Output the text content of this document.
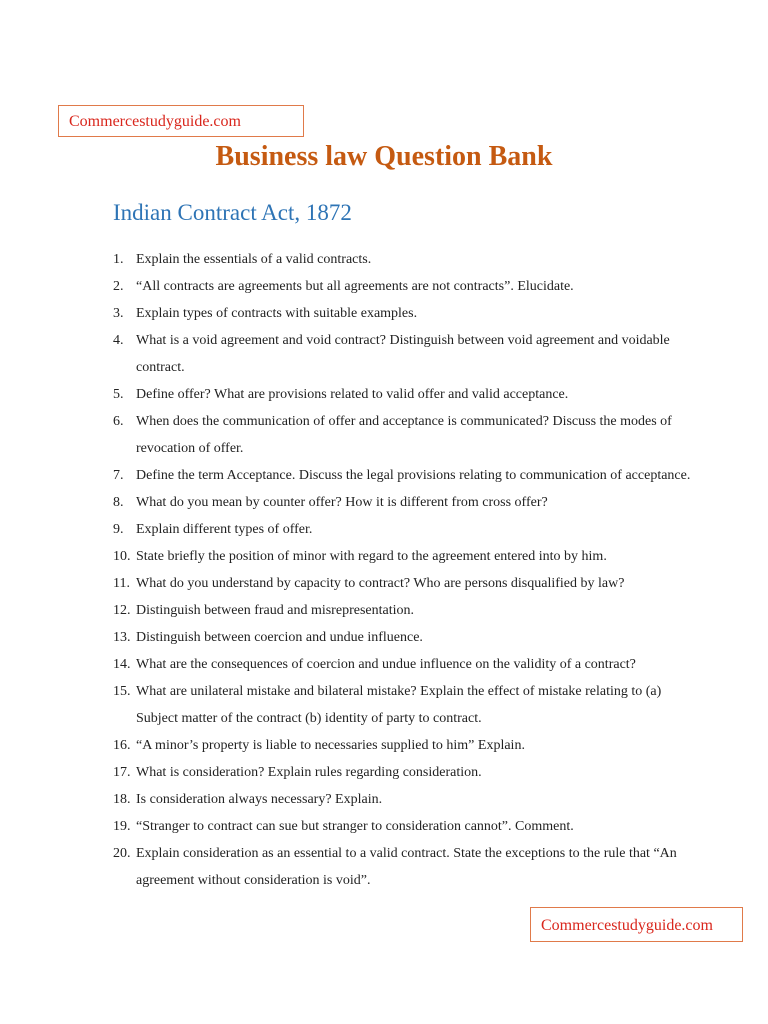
Commercestudyguide.com
Business law Question Bank
Indian Contract Act, 1872
1. Explain the essentials of a valid contracts.
2. “All contracts are agreements but all agreements are not contracts”. Elucidate.
3. Explain types of contracts with suitable examples.
4. What is a void agreement and void contract? Distinguish between void agreement and voidable contract.
5. Define offer? What are provisions related to valid offer and valid acceptance.
6. When does the communication of offer and acceptance is communicated? Discuss the modes of revocation of offer.
7. Define the term Acceptance. Discuss the legal provisions relating to communication of acceptance.
8. What do you mean by counter offer? How it is different from cross offer?
9. Explain different types of offer.
10. State briefly the position of minor with regard to the agreement entered into by him.
11. What do you understand by capacity to contract? Who are persons disqualified by law?
12. Distinguish between fraud and misrepresentation.
13. Distinguish between coercion and undue influence.
14. What are the consequences of coercion and undue influence on the validity of a contract?
15. What are unilateral mistake and bilateral mistake? Explain the effect of mistake relating to (a) Subject matter of the contract (b) identity of party to contract.
16. “A minor’s property is liable to necessaries supplied to him” Explain.
17. What is consideration? Explain rules regarding consideration.
18. Is consideration always necessary? Explain.
19. “Stranger to contract can sue but stranger to consideration cannot”. Comment.
20. Explain consideration as an essential to a valid contract. State the exceptions to the rule that “An agreement without consideration is void”.
Commercestudyguide.com
